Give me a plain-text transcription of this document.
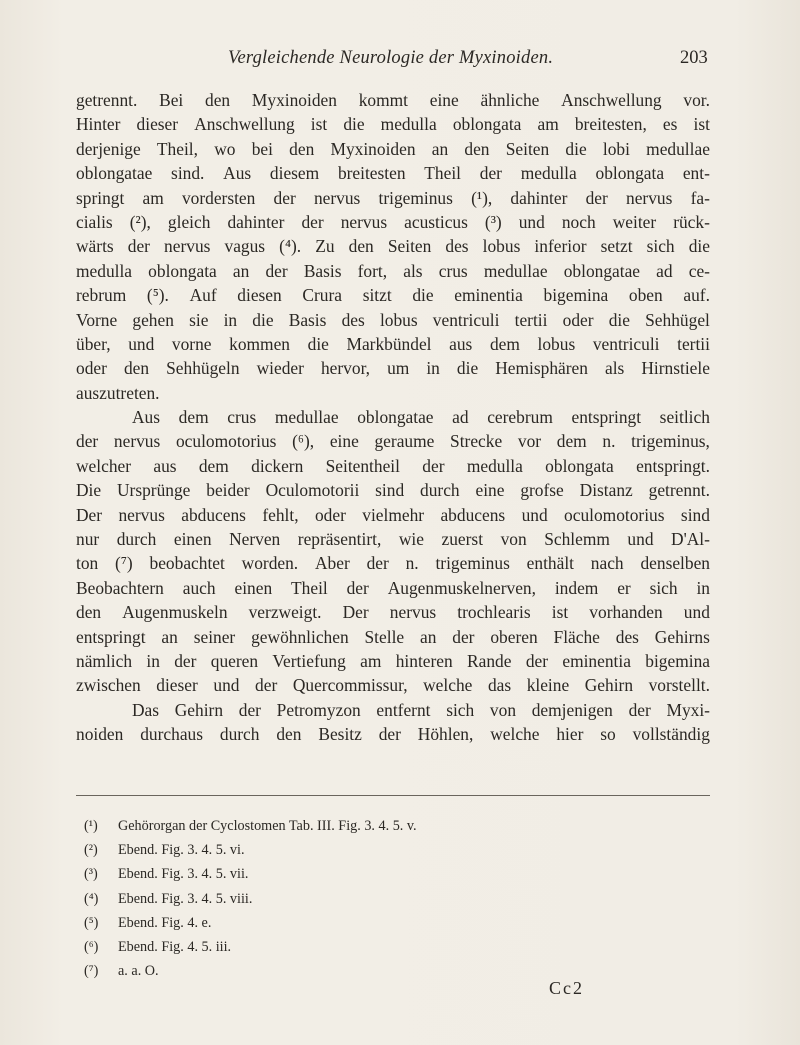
Vergleichende Neurologie der Myxinoiden.	203
getrennt. Bei den Myxinoiden kommt eine ähnliche Anschwellung vor.
Hinter dieser Anschwellung ist die medulla oblongata am breitesten, es ist
derjenige Theil, wo bei den Myxinoiden an den Seiten die lobi medullae
oblongatae sind. Aus diesem breitesten Theil der medulla oblongata ent-
springt am vordersten der nervus trigeminus (¹), dahinter der nervus fa-
cialis (²), gleich dahinter der nervus acusticus (³) und noch weiter rück-
wärts der nervus vagus (⁴). Zu den Seiten des lobus inferior setzt sich die
medulla oblongata an der Basis fort, als crus medullae oblongatae ad ce-
rebrum (⁵). Auf diesen Crura sitzt die eminentia bigemina oben auf.
Vorne gehen sie in die Basis des lobus ventriculi tertii oder die Sehhügel
über, und vorne kommen die Markbündel aus dem lobus ventriculi tertii
oder den Sehhügeln wieder hervor, um in die Hemisphären als Hirnstiele
auszutreten.
Aus dem crus medullae oblongatae ad cerebrum entspringt seitlich
der nervus oculomotorius (⁶), eine geraume Strecke vor dem n. trigeminus,
welcher aus dem dickern Seitentheil der medulla oblongata entspringt.
Die Ursprünge beider Oculomotorii sind durch eine grofse Distanz getrennt.
Der nervus abducens fehlt, oder vielmehr abducens und oculomotorius sind
nur durch einen Nerven repräsentirt, wie zuerst von Schlemm und D'Al-
ton (⁷) beobachtet worden. Aber der n. trigeminus enthält nach denselben
Beobachtern auch einen Theil der Augenmuskelnerven, indem er sich in
den Augenmuskeln verzweigt. Der nervus trochlearis ist vorhanden und
entspringt an seiner gewöhnlichen Stelle an der oberen Fläche des Gehirns
nämlich in der queren Vertiefung am hinteren Rande der eminentia bigemina
zwischen dieser und der Quercommissur, welche das kleine Gehirn vorstellt.
Das Gehirn der Petromyzon entfernt sich von demjenigen der Myxi-
noiden durchaus durch den Besitz der Höhlen, welche hier so vollständig
(¹)	Gehörorgan der Cyclostomen Tab. III. Fig. 3. 4. 5. v.
(²)	Ebend. Fig. 3. 4. 5. vi.
(³)	Ebend. Fig. 3. 4. 5. vii.
(⁴)	Ebend. Fig. 3. 4. 5. viii.
(⁵)	Ebend. Fig. 4. e.
(⁶)	Ebend. Fig. 4. 5. iii.
(⁷)	a. a. O.
Cc2
